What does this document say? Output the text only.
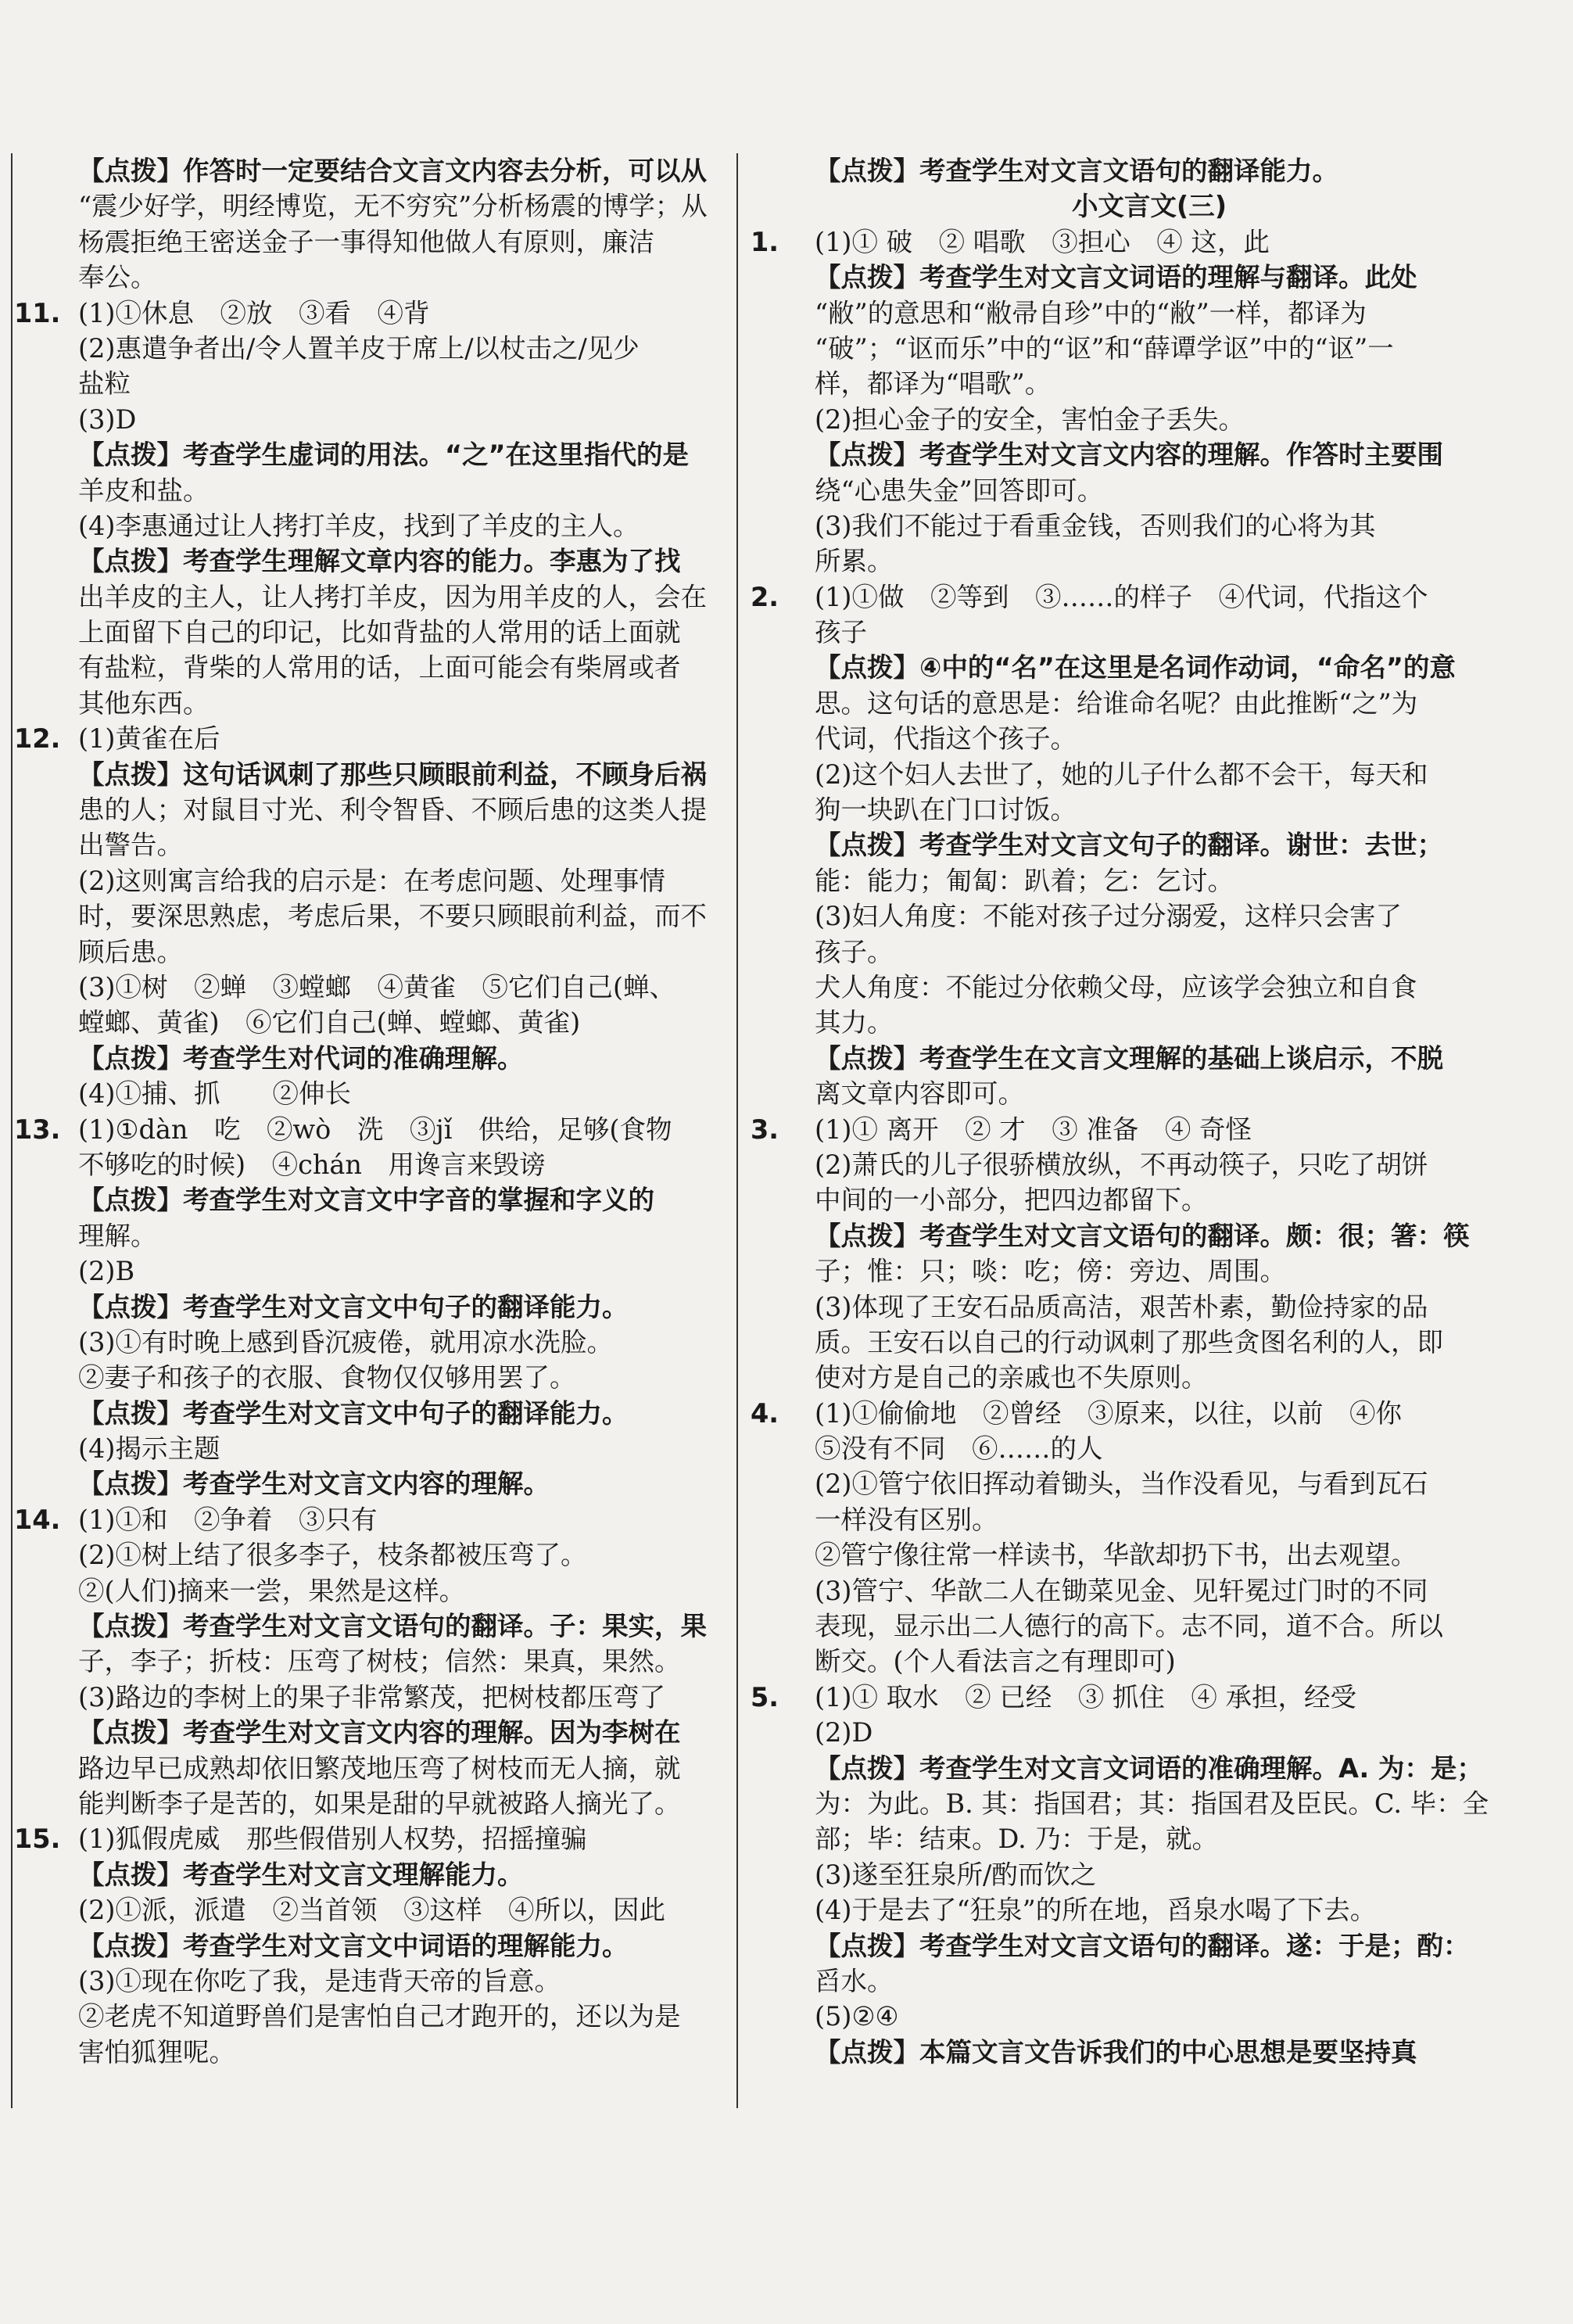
【点拨】作答时一定要结合文言文内容去分析，可以从
“震少好学，明经博览，无不穷究”分析杨震的博学；从
杨震拒绝王密送金子一事得知他做人有原则，廉洁
奉公。
11. (1)①休息　②放　③看　④背
(2)惠遣争者出/令人置羊皮于席上/以杖击之/见少
盐粒
(3)D
【点拨】考查学生虚词的用法。“之”在这里指代的是
羊皮和盐。
(4)李惠通过让人拷打羊皮，找到了羊皮的主人。
【点拨】考查学生理解文章内容的能力。李惠为了找
出羊皮的主人，让人拷打羊皮，因为用羊皮的人，会在
上面留下自己的印记，比如背盐的人常用的话上面就
有盐粒，背柴的人常用的话，上面可能会有柴屑或者
其他东西。
12. (1)黄雀在后
【点拨】这句话讽刺了那些只顾眼前利益，不顾身后祸
患的人；对鼠目寸光、利令智昏、不顾后患的这类人提
出警告。
(2)这则寓言给我的启示是：在考虑问题、处理事情
时，要深思熟虑，考虑后果，不要只顾眼前利益，而不
顾后患。
(3)①树　②蝉　③螳螂　④黄雀　⑤它们自己(蝉、
螳螂、黄雀)　⑥它们自己(蝉、螳螂、黄雀)
【点拨】考查学生对代词的准确理解。
(4)①捕、抓　　②伸长
13. (1)①dàn　吃　②wò　洗　③jǐ　供给，足够(食物
不够吃的时候)　④chán　用谗言来毁谤
【点拨】考查学生对文言文中字音的掌握和字义的
理解。
(2)B
【点拨】考查学生对文言文中句子的翻译能力。
(3)①有时晚上感到昏沉疲倦，就用凉水洗脸。
②妻子和孩子的衣服、食物仅仅够用罢了。
【点拨】考查学生对文言文中句子的翻译能力。
(4)揭示主题
【点拨】考查学生对文言文内容的理解。
14. (1)①和　②争着　③只有
(2)①树上结了很多李子，枝条都被压弯了。
②(人们)摘来一尝，果然是这样。
【点拨】考查学生对文言文语句的翻译。子：果实，果
子，李子；折枝：压弯了树枝；信然：果真，果然。
(3)路边的李树上的果子非常繁茂，把树枝都压弯了
【点拨】考查学生对文言文内容的理解。因为李树在
路边早已成熟却依旧繁茂地压弯了树枝而无人摘，就
能判断李子是苦的，如果是甜的早就被路人摘光了。
15. (1)狐假虎威　那些假借别人权势，招摇撞骗
【点拨】考查学生对文言文理解能力。
(2)①派，派遣　②当首领　③这样　④所以，因此
【点拨】考查学生对文言文中词语的理解能力。
(3)①现在你吃了我，是违背天帝的旨意。
②老虎不知道野兽们是害怕自己才跑开的，还以为是
害怕狐狸呢。
【点拨】考查学生对文言文语句的翻译能力。
小文言文(三)
1.	(1)① 破　② 唱歌　③担心　④ 这，此
【点拨】考查学生对文言文词语的理解与翻译。此处
“敝”的意思和“敝帚自珍”中的“敝”一样，都译为
“破”；“讴而乐”中的“讴”和“薛谭学讴”中的“讴”一
样，都译为“唱歌”。
(2)担心金子的安全，害怕金子丢失。
【点拨】考查学生对文言文内容的理解。作答时主要围
绕“心患失金”回答即可。
(3)我们不能过于看重金钱，否则我们的心将为其
所累。
2.	(1)①做　②等到　③……的样子　④代词，代指这个
孩子
【点拨】④中的“名”在这里是名词作动词，“命名”的意
思。这句话的意思是：给谁命名呢？由此推断“之”为
代词，代指这个孩子。
(2)这个妇人去世了，她的儿子什么都不会干，每天和
狗一块趴在门口讨饭。
【点拨】考查学生对文言文句子的翻译。谢世：去世；
能：能力；匍匐：趴着；乞：乞讨。
(3)妇人角度：不能对孩子过分溺爱，这样只会害了
孩子。
犬人角度：不能过分依赖父母，应该学会独立和自食
其力。
【点拨】考查学生在文言文理解的基础上谈启示，不脱
离文章内容即可。
3.	(1)① 离开　② 才　③ 准备　④ 奇怪
(2)萧氏的儿子很骄横放纵，不再动筷子，只吃了胡饼
中间的一小部分，把四边都留下。
【点拨】考查学生对文言文语句的翻译。颇：很；箸：筷
子；惟：只；啖：吃；傍：旁边、周围。
(3)体现了王安石品质高洁，艰苦朴素，勤俭持家的品
质。王安石以自己的行动讽刺了那些贪图名利的人，即
使对方是自己的亲戚也不失原则。
4.	(1)①偷偷地　②曾经　③原来，以往，以前　④你
⑤没有不同　⑥……的人
(2)①管宁依旧挥动着锄头，当作没看见，与看到瓦石
一样没有区别。
②管宁像往常一样读书，华歆却扔下书，出去观望。
(3)管宁、华歆二人在锄菜见金、见轩冕过门时的不同
表现，显示出二人德行的高下。志不同，道不合。所以
断交。(个人看法言之有理即可)
5.	(1)① 取水　② 已经　③ 抓住　④ 承担，经受
(2)D
【点拨】考查学生对文言文词语的准确理解。A. 为：是；
为：为此。B. 其：指国君；其：指国君及臣民。C. 毕：全
部；毕：结束。D. 乃：于是，就。
(3)遂至狂泉所/酌而饮之
(4)于是去了“狂泉”的所在地，舀泉水喝了下去。
【点拨】考查学生对文言文语句的翻译。遂：于是；酌：
舀水。
(5)②④
【点拨】本篇文言文告诉我们的中心思想是要坚持真
